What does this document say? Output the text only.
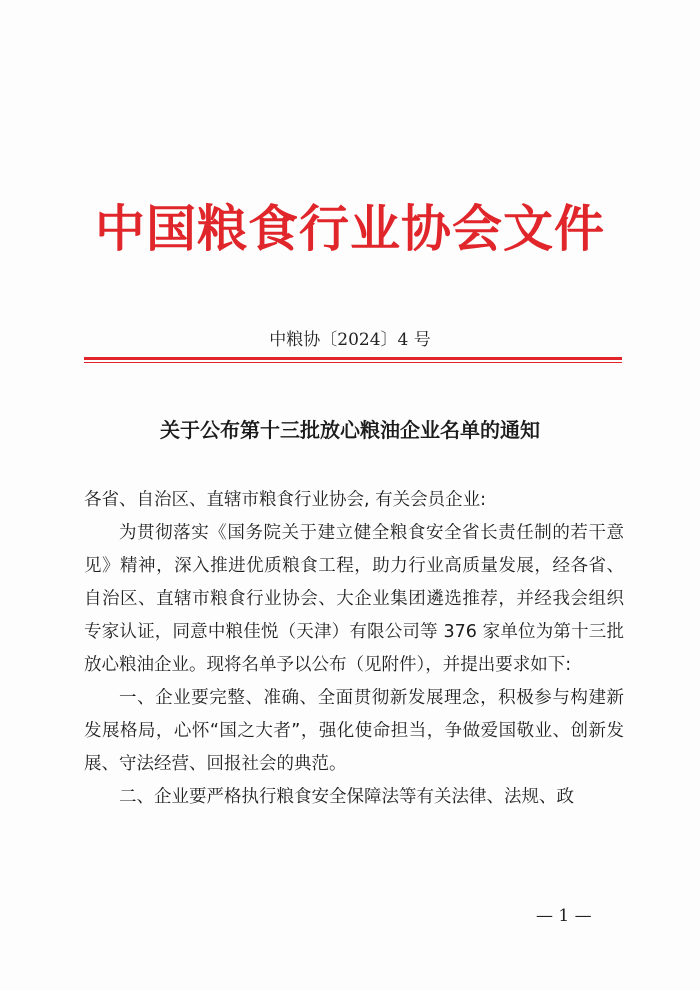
中国粮食行业协会文件
中粮协〔2024〕4 号
关于公布第十三批放心粮油企业名单的通知

各省、自治区、直辖市粮食行业协会, 有关会员企业:

为贯彻落实《国务院关于建立健全粮食安全省长责任制的若干意见》精神，深入推进优质粮食工程，助力行业高质量发展，经各省、自治区、直辖市粮食行业协会、大企业集团遴选推荐，并经我会组织专家认证，同意中粮佳悦（天津）有限公司等 376 家单位为第十三批放心粮油企业。现将名单予以公布（见附件），并提出要求如下:

一、企业要完整、准确、全面贯彻新发展理念，积极参与构建新发展格局，心怀“国之大者”，强化使命担当，争做爱国敬业、创新发展、守法经营、回报社会的典范。

二、企业要严格执行粮食安全保障法等有关法律、法规、政

— 1 —
